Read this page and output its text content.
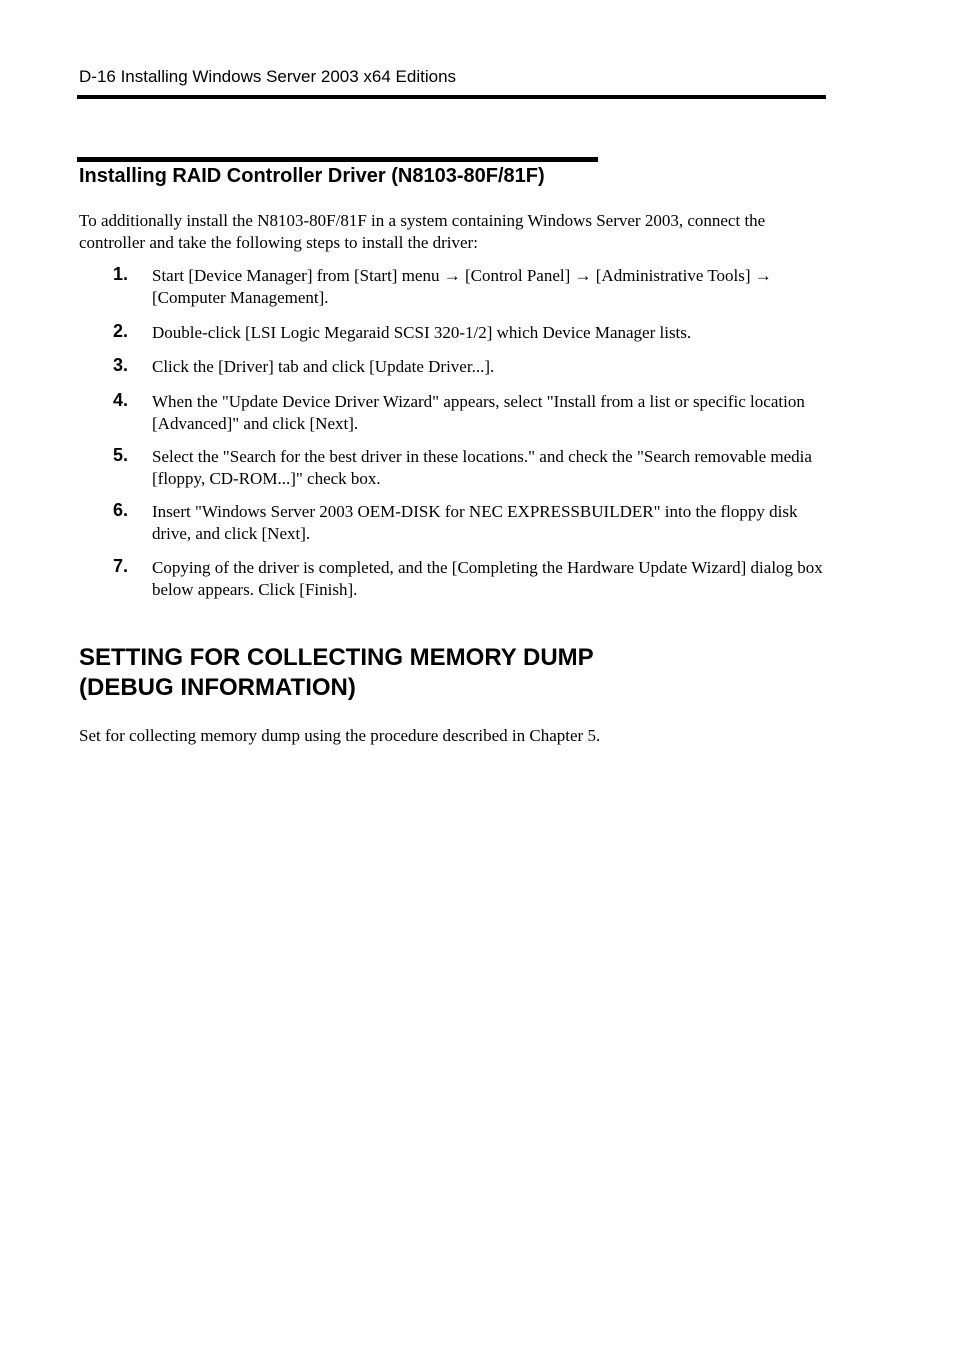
D-16 Installing Windows Server 2003 x64 Editions
Installing RAID Controller Driver (N8103-80F/81F)

To additionally install the N8103-80F/81F in a system containing Windows Server 2003, connect the controller and take the following steps to install the driver:

1. Start [Device Manager] from [Start] menu → [Control Panel] → [Administrative Tools] → [Computer Management].

2. Double-click [LSI Logic Megaraid SCSI 320-1/2] which Device Manager lists.

3. Click the [Driver] tab and click [Update Driver...].

4. When the "Update Device Driver Wizard" appears, select "Install from a list or specific location [Advanced]" and click [Next].

5. Select the "Search for the best driver in these locations." and check the "Search removable media [floppy, CD-ROM...]" check box.

6. Insert "Windows Server 2003 OEM-DISK for NEC EXPRESSBUILDER" into the floppy disk drive, and click [Next].

7. Copying of the driver is completed, and the [Completing the Hardware Update Wizard] dialog box below appears. Click [Finish].

SETTING FOR COLLECTING MEMORY DUMP
(DEBUG INFORMATION)

Set for collecting memory dump using the procedure described in Chapter 5.
